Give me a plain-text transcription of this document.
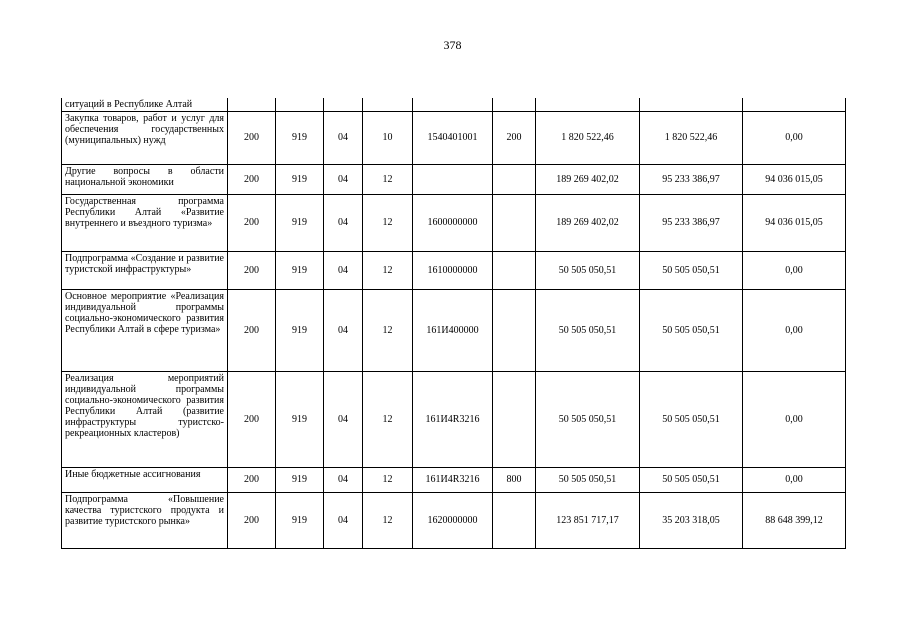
378
ситуаций в Республике Алтай									
Закупка товаров, работ и услуг для обеспечения государственных (муниципальных) нужд	200	919	04	10	1540401001	200	1 820 522,46	1 820 522,46	0,00
Другие вопросы в области национальной экономики	200	919	04	12			189 269 402,02	95 233 386,97	94 036 015,05
Государственная программа Республики Алтай «Развитие внутреннего и въездного туризма»	200	919	04	12	1600000000		189 269 402,02	95 233 386,97	94 036 015,05
Подпрограмма «Создание и развитие туристской инфраструктуры»	200	919	04	12	1610000000		50 505 050,51	50 505 050,51	0,00
Основное мероприятие «Реализация индивидуальной программы социально-экономического развития Республики Алтай в сфере туризма»	200	919	04	12	161И400000		50 505 050,51	50 505 050,51	0,00
Реализация мероприятий индивидуальной программы социально-экономического развития Республики Алтай (развитие инфраструктуры туристско-рекреационных кластеров)	200	919	04	12	161И4R3216		50 505 050,51	50 505 050,51	0,00
Иные бюджетные ассигнования	200	919	04	12	161И4R3216	800	50 505 050,51	50 505 050,51	0,00
Подпрограмма «Повышение качества туристского продукта и развитие туристского рынка»	200	919	04	12	1620000000		123 851 717,17	35 203 318,05	88 648 399,12
